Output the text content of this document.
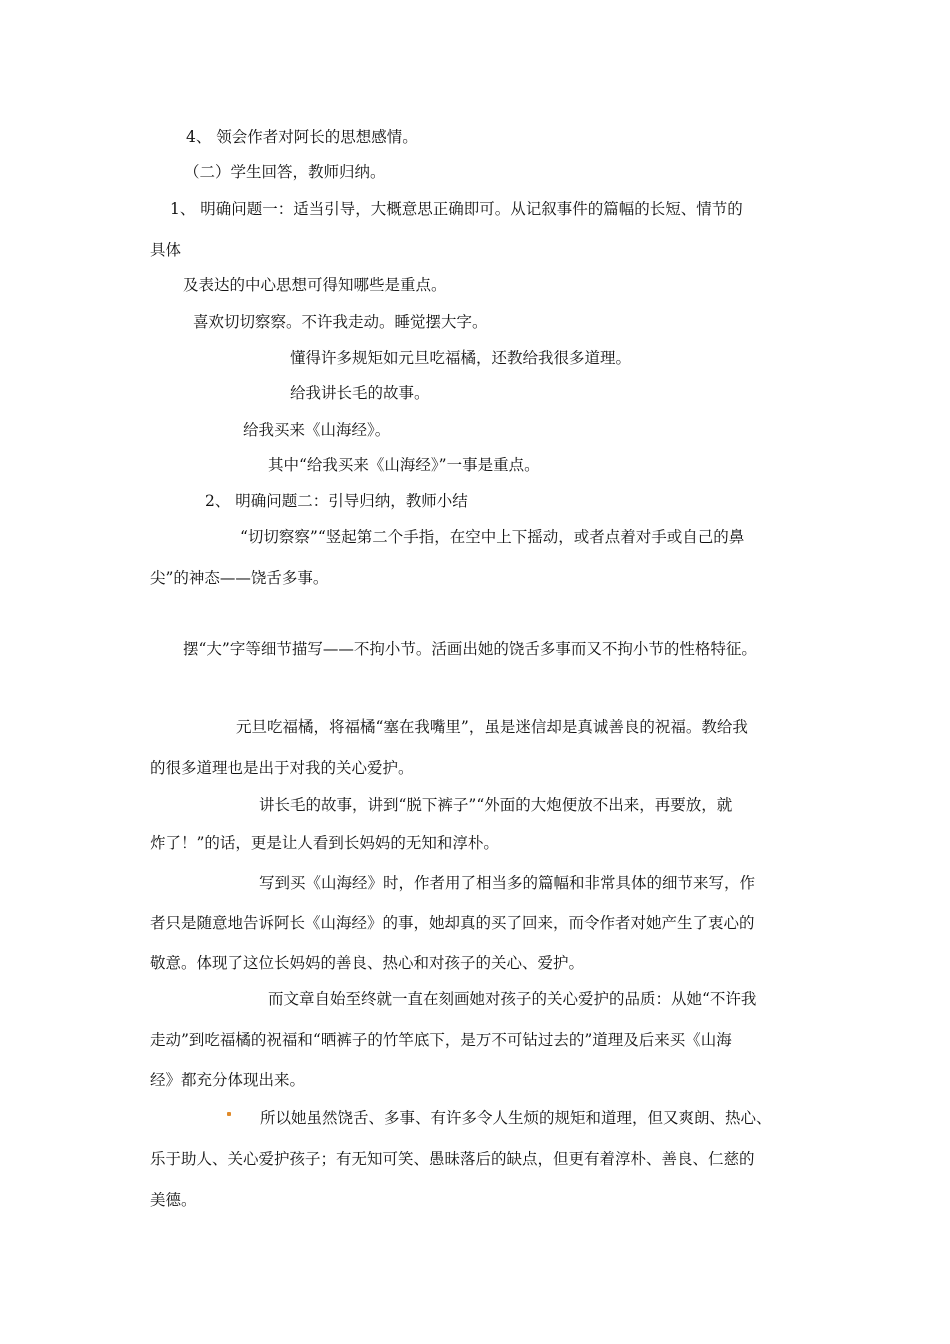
4、 领会作者对阿长的思想感情。
（二）学生回答，教师归纳。
1、 明确问题一：适当引导，大概意思正确即可。从记叙事件的篇幅的长短、情节的
具体
及表达的中心思想可得知哪些是重点。
喜欢切切察察。不许我走动。睡觉摆大字。
懂得许多规矩如元旦吃福橘，还教给我很多道理。
给我讲长毛的故事。
给我买来《山海经》。
其中“给我买来《山海经》”一事是重点。
2、 明确问题二：引导归纳，教师小结
“切切察察”“竖起第二个手指，在空中上下摇动，或者点着对手或自己的鼻
尖”的神态——饶舌多事。
摆“大”字等细节描写——不拘小节。活画出她的饶舌多事而又不拘小节的性格特征。
元旦吃福橘，将福橘“塞在我嘴里”，虽是迷信却是真诚善良的祝福。教给我
的很多道理也是出于对我的关心爱护。
讲长毛的故事，讲到“脱下裤子”“外面的大炮便放不出来，再要放，就
炸了！”的话，更是让人看到长妈妈的无知和淳朴。
写到买《山海经》时，作者用了相当多的篇幅和非常具体的细节来写，作
者只是随意地告诉阿长《山海经》的事，她却真的买了回来，而令作者对她产生了衷心的
敬意。体现了这位长妈妈的善良、热心和对孩子的关心、爱护。
而文章自始至终就一直在刻画她对孩子的关心爱护的品质：从她“不许我
走动”到吃福橘的祝福和“晒裤子的竹竿底下，是万不可钻过去的”道理及后来买《山海
经》都充分体现出来。
所以她虽然饶舌、多事、有许多令人生烦的规矩和道理，但又爽朗、热心、
乐于助人、关心爱护孩子；有无知可笑、愚昧落后的缺点，但更有着淳朴、善良、仁慈的
美德。
